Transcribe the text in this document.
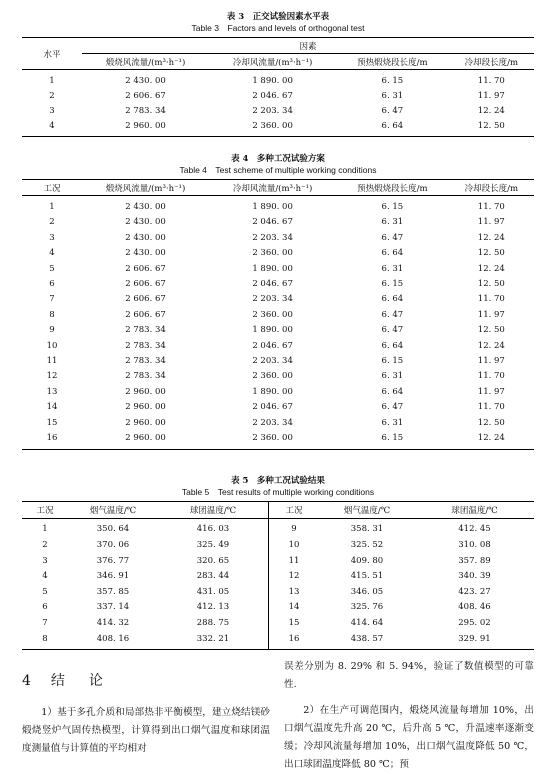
表 3　正交试验因素水平表
Table 3　Factors and levels of orthogonal test
水平	因素			
	煅烧风流量/(m³·h⁻¹)	冷却风流量/(m³·h⁻¹)	预热煅烧段长度/m	冷却段长度/m
1	2 430. 00	1 890. 00	6. 15	11. 70
2	2 606. 67	2 046. 67	6. 31	11. 97
3	2 783. 34	2 203. 34	6. 47	12. 24
4	2 960. 00	2 360. 00	6. 64	12. 50
表 4　多种工况试验方案
Table 4　Test scheme of multiple working conditions
工况	煅烧风流量/(m³·h⁻¹)	冷却风流量/(m³·h⁻¹)	预热煅烧段长度/m	冷却段长度/m
1	2 430. 00	1 890. 00	6. 15	11. 70
2	2 430. 00	2 046. 67	6. 31	11. 97
3	2 430. 00	2 203. 34	6. 47	12. 24
4	2 430. 00	2 360. 00	6. 64	12. 50
5	2 606. 67	1 890. 00	6. 31	12. 24
6	2 606. 67	2 046. 67	6. 15	12. 50
7	2 606. 67	2 203. 34	6. 64	11. 70
8	2 606. 67	2 360. 00	6. 47	11. 97
9	2 783. 34	1 890. 00	6. 47	12. 50
10	2 783. 34	2 046. 67	6. 64	12. 24
11	2 783. 34	2 203. 34	6. 15	11. 97
12	2 783. 34	2 360. 00	6. 31	11. 70
13	2 960. 00	1 890. 00	6. 64	11. 97
14	2 960. 00	2 046. 67	6. 47	11. 70
15	2 960. 00	2 203. 34	6. 31	12. 50
16	2 960. 00	2 360. 00	6. 15	12. 24
表 5　多种工况试验结果
Table 5　Test results of multiple working conditions
工况	烟气温度/℃	球团温度/℃	工况	烟气温度/℃	球团温度/℃
1	350. 64	416. 03	9	358. 31	412. 45
2	370. 06	325. 49	10	325. 52	310. 08
3	376. 77	320. 65	11	409. 80	357. 89
4	346. 91	283. 44	12	415. 51	340. 39
5	357. 85	431. 05	13	346. 05	423. 27
6	337. 14	412. 13	14	325. 76	408. 46
7	414. 32	288. 75	15	414. 64	295. 02
8	408. 16	332. 21	16	438. 57	329. 91
4 结 论

1）基于多孔介质和局部热非平衡模型，建立烧结镁砂煅烧竖炉气固传热模型，计算得到出口烟气温度和球团温度测量值与计算值的平均相对

误差分别为 8. 29% 和 5. 94%，验证了数值模型的可靠性.

2）在生产可调范围内，煅烧风流量每增加 10%，出口烟气温度先升高 20 ℃，后升高 5 ℃，升温速率逐渐变缓；冷却风流量每增加 10%，出口烟气温度降低 50 ℃，出口球团温度降低 80 ℃；预
